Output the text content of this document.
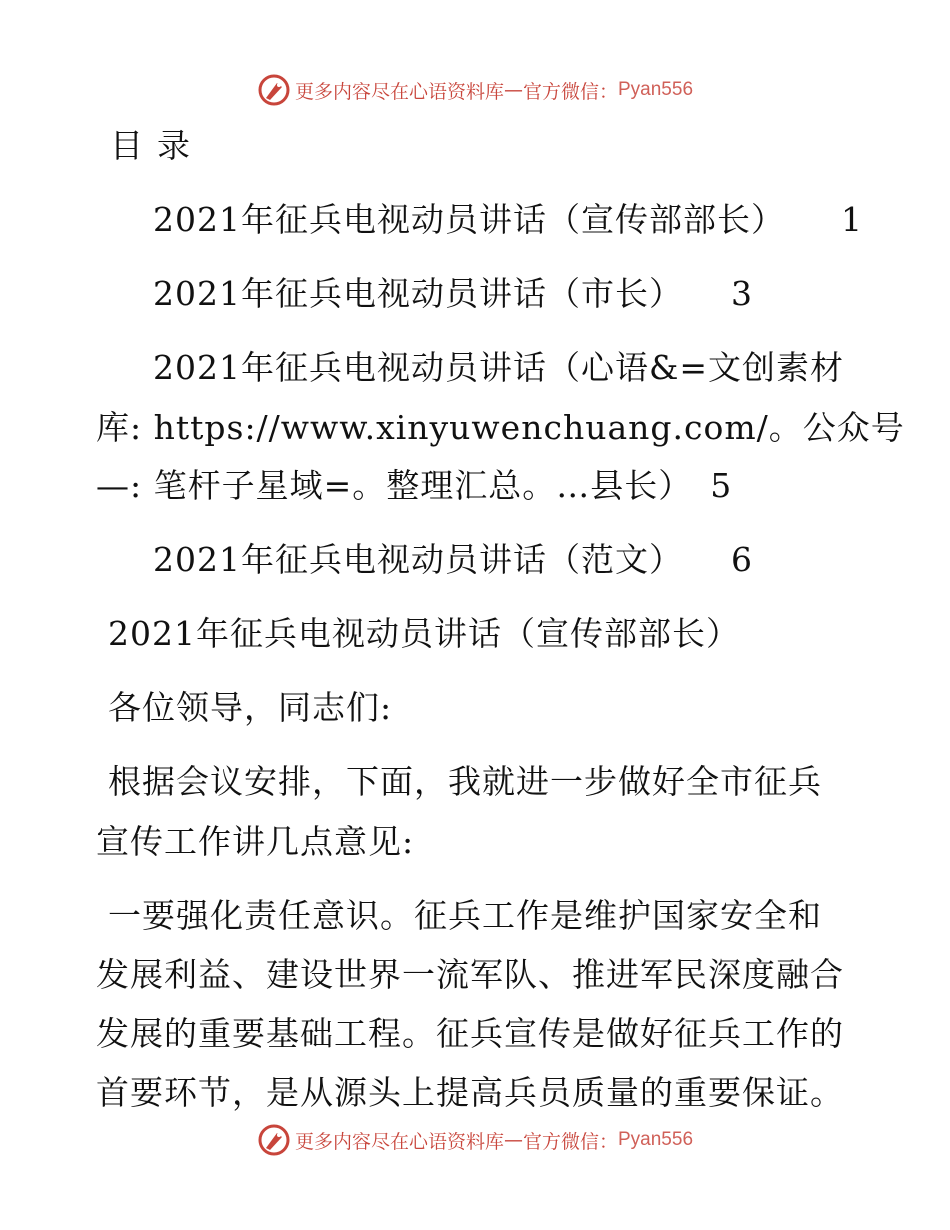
更多内容尽在心语资料库 — 官方微信： Pyan556
目录
2021年征兵电视动员讲话（宣传部部长） 1
2021年征兵电视动员讲话（市长） 3
2021年征兵电视动员讲话（心语&=文创素材
库: https://www.xinyuwenchuang.com/。公众号
—: 笔杆子星域=。整理汇总。…县长） 5
2021年征兵电视动员讲话（范文） 6
2021年征兵电视动员讲话（宣传部部长）
各位领导，同志们:
根据会议安排，下面，我就进一步做好全市征兵
宣传工作讲几点意见:
一要强化责任意识。征兵工作是维护国家安全和
发展利益、建设世界一流军队、推进军民深度融合
发展的重要基础工程。征兵宣传是做好征兵工作的
首要环节，是从源头上提高兵员质量的重要保证。
更多内容尽在心语资料库 — 官方微信： Pyan556
